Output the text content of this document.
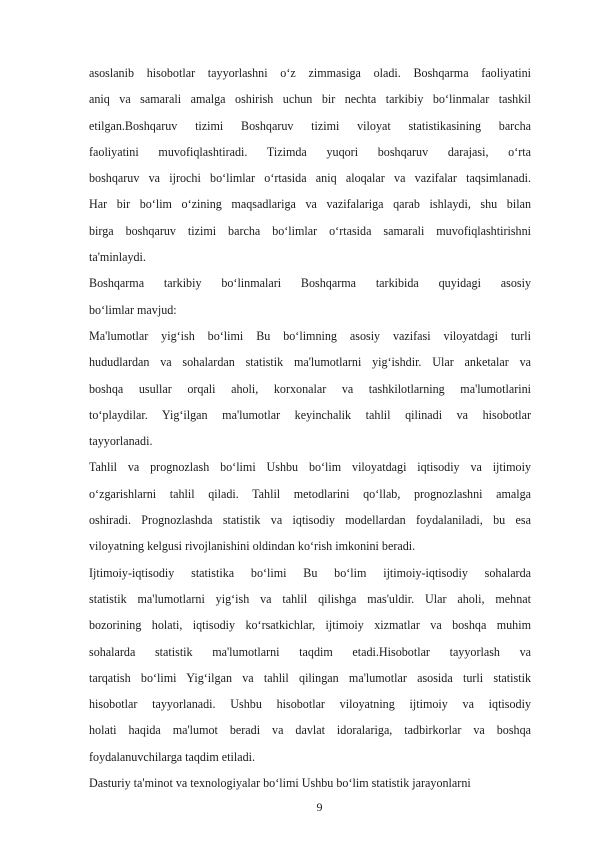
asoslanib hisobotlar tayyorlashni o‘z zimmasiga oladi. Boshqarma faoliyatini
aniq va samarali amalga oshirish uchun bir nechta tarkibiy bo‘linmalar tashkil
etilgan.Boshqaruv tizimi Boshqaruv tizimi viloyat statistikasining barcha
faoliyatini muvofiqlashtiradi. Tizimda yuqori boshqaruv darajasi, o‘rta
boshqaruv va ijrochi bo‘limlar o‘rtasida aniq aloqalar va vazifalar taqsimlanadi.
Har bir bo‘lim o‘zining maqsadlariga va vazifalariga qarab ishlaydi, shu bilan
birga boshqaruv tizimi barcha bo‘limlar o‘rtasida samarali muvofiqlashtirishni
ta'minlaydi.
Boshqarma tarkibiy bo‘linmalari Boshqarma tarkibida quyidagi asosiy
bo‘limlar mavjud:
Ma'lumotlar yig‘ish bo‘limi Bu bo‘limning asosiy vazifasi viloyatdagi turli
hududlardan va sohalardan statistik ma'lumotlarni yig‘ishdir. Ular anketalar va
boshqa usullar orqali aholi, korxonalar va tashkilotlarning ma'lumotlarini
to‘playdilar. Yig‘ilgan ma'lumotlar keyinchalik tahlil qilinadi va hisobotlar
tayyorlanadi.
Tahlil va prognozlash bo‘limi Ushbu bo‘lim viloyatdagi iqtisodiy va ijtimoiy
o‘zgarishlarni tahlil qiladi. Tahlil metodlarini qo‘llab, prognozlashni amalga
oshiradi. Prognozlashda statistik va iqtisodiy modellardan foydalaniladi, bu esa
viloyatning kelgusi rivojlanishini oldindan ko‘rish imkonini beradi.
Ijtimoiy-iqtisodiy statistika bo‘limi Bu bo‘lim ijtimoiy-iqtisodiy sohalarda
statistik ma'lumotlarni yig‘ish va tahlil qilishga mas'uldir. Ular aholi, mehnat
bozorining holati, iqtisodiy ko‘rsatkichlar, ijtimoiy xizmatlar va boshqa muhim
sohalarda statistik ma'lumotlarni taqdim etadi.Hisobotlar tayyorlash va
tarqatish bo‘limi Yig‘ilgan va tahlil qilingan ma'lumotlar asosida turli statistik
hisobotlar tayyorlanadi. Ushbu hisobotlar viloyatning ijtimoiy va iqtisodiy
holati haqida ma'lumot beradi va davlat idoralariga, tadbirkorlar va boshqa
foydalanuvchilarga taqdim etiladi.
Dasturiy ta'minot va texnologiyalar bo‘limi Ushbu bo‘lim statistik jarayonlarni
9
